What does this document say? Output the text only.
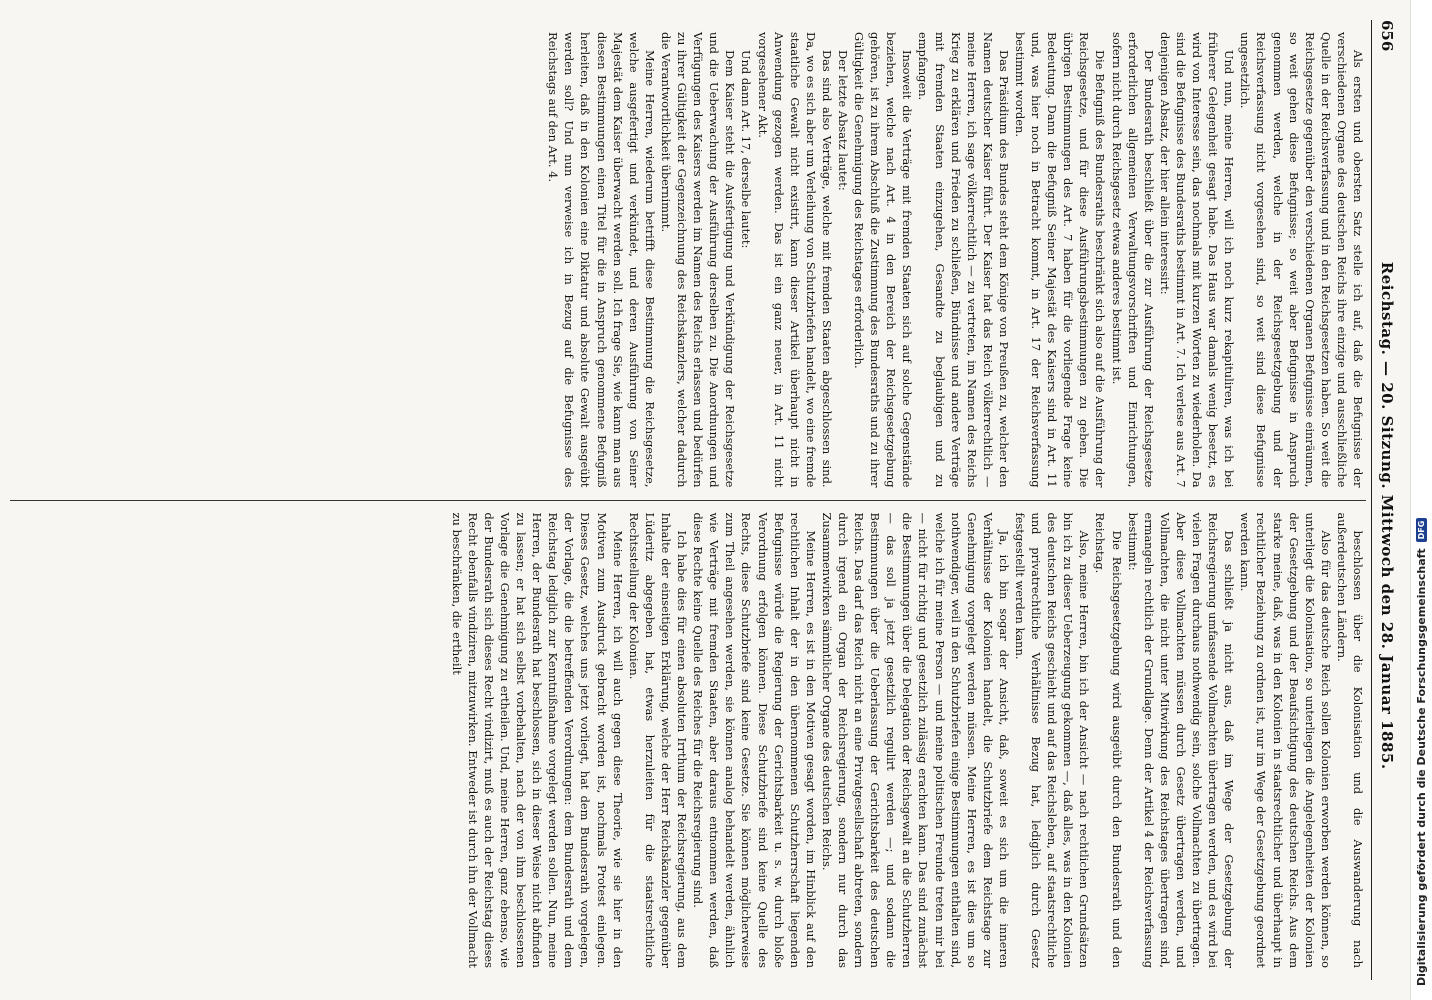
656
Reichstag. — 20. Sitzung. Mittwoch den 28. Januar 1885.

Als ersten und obersten Satz stelle ich auf, daß die Befugnisse der verschiedenen Organe des deutschen Reichs ihre einzige und ausschließliche Quelle in der Reichsverfassung und in den Reichsgesetzen haben. So weit die Reichsgesetze gegenüber den verschiedenen Organen Befugnisse einräumen, so weit gehen diese Befugnisse; so weit aber Befugnisse in Anspruch genommen werden, welche in der Reichsgesetzgebung und der Reichsverfassung nicht vorgesehen sind, so weit sind diese Befugnisse ungesetzlich.

Und nun, meine Herren, will ich noch kurz rekapituliren, was ich bei früherer Gelegenheit gesagt habe. Das Haus war damals wenig besetzt, es wird von Interesse sein, das nochmals mit kurzen Worten zu wiederholen. Da sind die Befugnisse des Bundesraths bestimmt in Art. 7. Ich verlese aus Art. 7 denjenigen Absatz, der hier allein interessirt:

Der Bundesrath beschließt über die zur Ausführung der Reichsgesetze erforderlichen allgemeinen Verwaltungsvorschriften und Einrichtungen, sofern nicht durch Reichsgesetz etwas anderes bestimmt ist.

Die Befugniß des Bundesraths beschränkt sich also auf die Ausführung der Reichsgesetze, und für diese Ausführungsbestimmungen zu geben. Die übrigen Bestimmungen des Art. 7 haben für die vorliegende Frage keine Bedeutung. Dann die Befugniß Seiner Majestät des Kaisers sind in Art. 11 und, was hier noch in Betracht kommt, in Art. 17 der Reichsverfassung bestimmt worden.

Das Präsidium des Bundes steht dem Könige von Preußen zu, welcher den Namen deutscher Kaiser führt. Der Kaiser hat das Reich völkerrechtlich — meine Herren, ich sage völkerrechtlich — zu vertreten, im Namen des Reichs Krieg zu erklären und Frieden zu schließen, Bündnisse und andere Verträge mit fremden Staaten einzugehen, Gesandte zu beglaubigen und zu empfangen.

Insoweit die Verträge mit fremden Staaten sich auf solche Gegenstände beziehen, welche nach Art. 4 in den Bereich der Reichsgesetzgebung gehören, ist zu ihrem Abschluß die Zustimmung des Bundesraths und zu ihrer Gültigkeit die Genehmigung des Reichstages erforderlich.

Der letzte Absatz lautet:

Das sind also Verträge, welche mit fremden Staaten abgeschlossen sind. Da, wo es sich aber um Verleihung von Schutzbriefen handelt, wo eine fremde staatliche Gewalt nicht existirt, kann dieser Artikel überhaupt nicht in Anwendung gezogen werden. Das ist ein ganz neuer, in Art. 11 nicht vorgesehener Akt.

Und dann Art. 17, derselbe lautet:

Dem Kaiser steht die Ausfertigung und Verkündigung der Reichsgesetze und die Ueberwachung der Ausführung derselben zu. Die Anordnungen und Verfügungen des Kaisers werden im Namen des Reichs erlassen und bedürfen zu ihrer Gültigkeit der Gegenzeichnung des Reichskanzlers, welcher dadurch die Verantwortlichkeit übernimmt.

Meine Herren, wiederum betrifft diese Bestimmung die Reichsgesetze, welche ausgefertigt und verkündet, und deren Ausführung von Seiner Majestät dem Kaiser überwacht werden soll. Ich frage Sie, wie kann man aus diesen Bestimmungen einen Titel für die in Anspruch genommene Befugniß herleiten, daß in den Kolonien eine Diktatur und absolute Gewalt ausgeübt werden soll? Und nun verweise ich in Bezug auf die Befugnisse des Reichstags auf den Art. 4.

beschlossen über die Kolonisation und die Auswanderung nach außerdeutschen Ländern.

Also für das deutsche Reich sollen Kolonien erworben werden können, so unterliegt die Kolonisation, so unterliegen die Angelegenheiten der Kolonien der Gesetzgebung und der Beaufsichtigung des deutschen Reichs. Aus dem starke meine, daß, was in den Kolonien in staatsrechtlicher und überhaupt in rechtlicher Beziehung zu ordnen ist, nur im Wege der Gesetzgebung geordnet werden kann.

Das schließt ja nicht aus, daß im Wege der Gesetzgebung der Reichsregierung umfassende Vollmachten übertragen werden, und es wird bei vielen Fragen durchaus nothwendig sein, solche Vollmachten zu übertragen. Aber diese Vollmachten müssen durch Gesetz übertragen werden, und Vollmachten, die nicht unter Mitwirkung des Reichstages übertragen sind, ermangeln rechtlich der Grundlage. Denn der Artikel 4 der Reichsverfassung bestimmt:

Die Reichsgesetzgebung wird ausgeübt durch den Bundesrath und den Reichstag.

Also, meine Herren, bin ich der Ansicht — nach rechtlichen Grundsätzen bin ich zu dieser Ueberzeugung gekommen —, daß alles, was in den Kolonien des deutschen Reichs geschieht und auf das Reichsleben, auf staatsrechtliche und privatrechtliche Verhältnisse Bezug hat, lediglich durch Gesetz festgestellt werden kann.

Ja, ich bin sogar der Ansicht, daß, soweit es sich um die inneren Verhältnisse der Kolonien handelt, die Schutzbriefe dem Reichstage zur Genehmigung vorgelegt werden müssen. Meine Herren, es ist dies um so nothwendiger, weil in den Schutzbriefen einige Bestimmungen enthalten sind, welche ich für meine Person — und meine politischen Freunde treten mir bei — nicht für richtig und gesetzlich zulässig erachten kann. Das sind zunächst die Bestimmungen über die Delegation der Reichsgewalt an die Schutzherren — das soll ja jetzt gesetzlich regulirt werden —; und sodann die Bestimmungen über die Ueberlassung der Gerichtsbarkeit des deutschen Reichs. Das darf das Reich nicht an eine Privatgesellschaft abtreten, sondern durch irgend ein Organ der Reichsregierung, sondern nur durch das Zusammenwirken sämmtlicher Organe des deutschen Reichs.

Meine Herren, es ist in den Motiven gesagt worden, im Hinblick auf den rechtlichen Inhalt der in den übernommenen Schutzherrschaft liegenden Befugnisse würde die Regierung der Gerichtsbarkeit u. s. w. durch bloße Verordnung erfolgen können. Diese Schutzbriefe sind keine Quelle des Rechts, diese Schutzbriefe sind keine Gesetze. Sie können möglicherweise zum Theil angesehen werden, sie können analog behandelt werden, ähnlich wie Verträge mit fremden Staaten, aber daraus entnommen werden, daß diese Rechte keine Quelle des Reiches für die Reichsregierung sind.

Ich habe dies für einen absoluten Irrthum der Reichsregierung, aus dem Inhalte der einseitigen Erklärung, welche der Herr Reichskanzler gegenüber Lüderitz abgegeben hat, etwas herzuleiten für die staatsrechtliche Rechtsstellung der Kolonien.

Meine Herren, ich will auch gegen diese Theorie, wie sie hier in den Motiven zum Ausdruck gebracht worden ist, nochmals Protest einlegen. Dieses Gesetz, welches uns jetzt vorliegt, hat dem Bundesrath vorgelegen, der Vorlage, die die betreffenden Verordnungen: dem Bundesrath und dem Reichstag lediglich zur Kenntnißnahme vorgelegt werden sollen. Nun, meine Herren, der Bundesrath hat beschlossen, sich in dieser Weise nicht abfinden zu lassen; er hat sich selbst vorbehalten, nach der von ihm beschlossenen Vorlage die Genehmigung zu ertheilen. Und, meine Herren, ganz ebenso, wie der Bundesrath sich dieses Recht vindizirt, muß es auch der Reichstag dieses Recht ebenfalls vindiziren, mitzuwirken. Entweder ist durch ihn der Vollmacht zu beschränken, die ertheilt	Digitalisierung gefördert durch die Deutsche Forschungsgemeinschaft
DFG
